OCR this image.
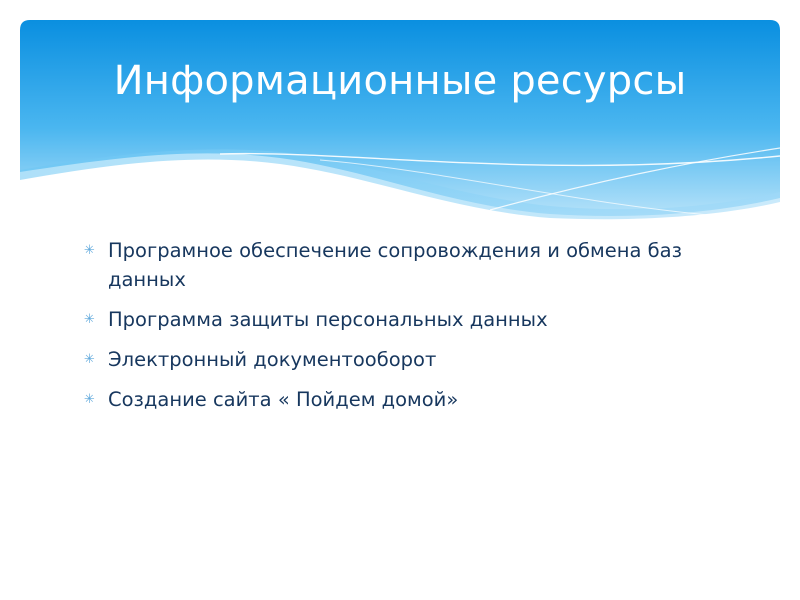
Информационные ресурсы
✳ Програмное обеспечение сопровождения и обмена баз данных
✳ Программа защиты персональных данных
✳ Электронный документооборот
✳ Создание сайта « Пойдем домой»
